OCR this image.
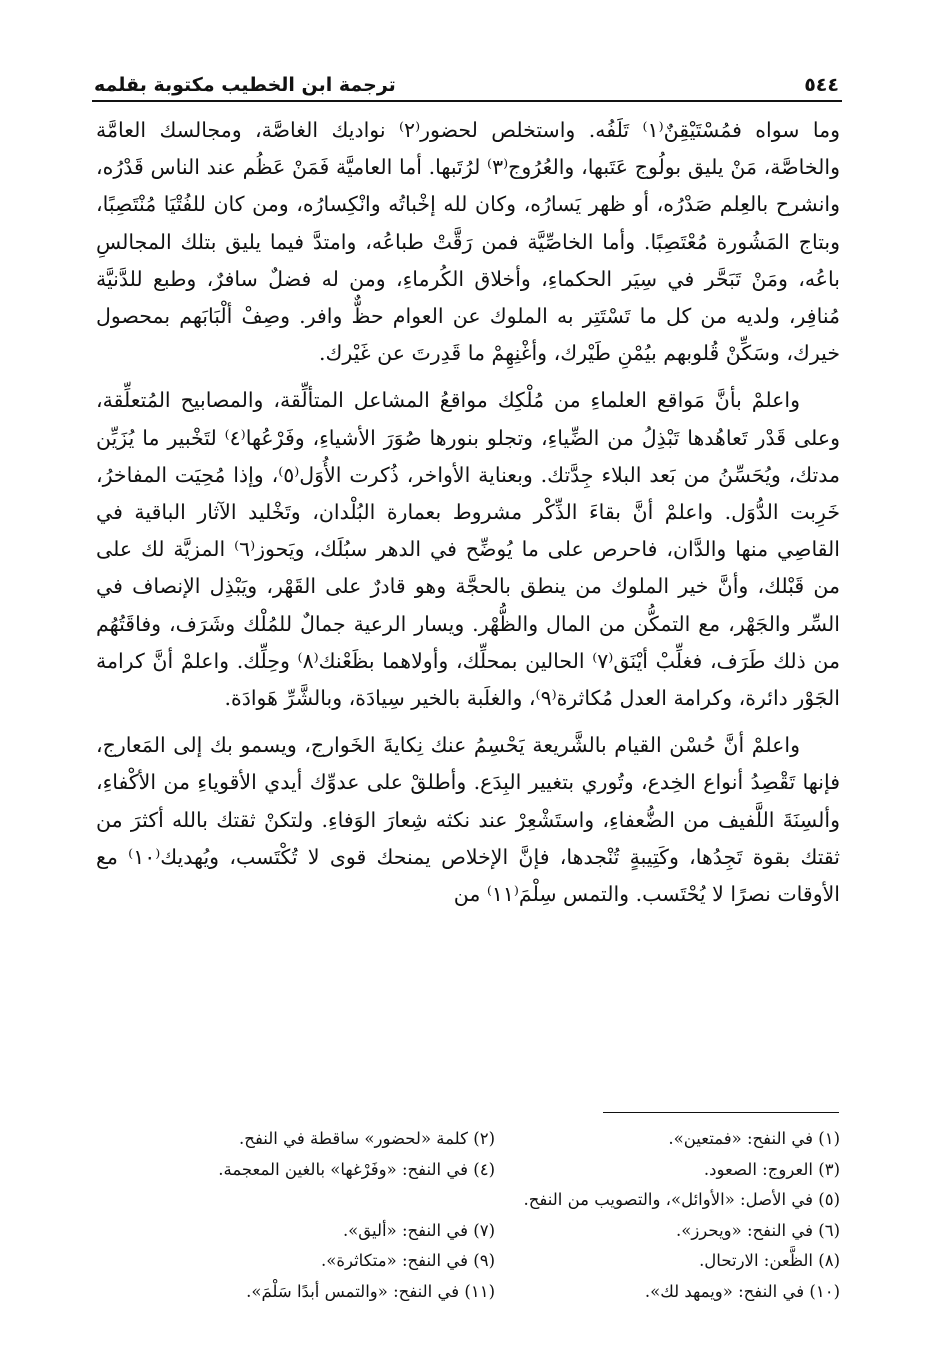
٥٤٤
ترجمة ابن الخطيب مكتوبة بقلمه

وما سواه فمُسْتَيْقِنٌ⁽١⁾ تَلَفُه. واستخلص لحضور⁽٢⁾ نواديك الغاصَّة، ومجالسك العامَّة والخاصَّة، مَنْ يليق بولُوج عَتَبها، والعُرُوج⁽٣⁾ لرُتَبها. أما العاميَّة فَمَنْ عَظُم عند الناس قَدْرُه، وانشرح بالعِلم صَدْرُه، أو ظهر يَسارُه، وكان لله إخْباتُه وانْكِسارُه، ومن كان للفُتْيَا مُنْتَصِبًا، وبتاج المَشُورة مُعْتَصِبًا. وأما الخاصِّيَّة فمن رَقَّتْ طباعُه، وامتدَّ فيما يليق بتلك المجالسِ باعُه، ومَنْ تَبَحَّر في سِيَر الحكماءِ، وأخلاق الكُرماءِ، ومن له فضلٌ سافرٌ، وطبع للدَّنيَّة مُنافِر، ولديه من كل ما تَسْتَتِر به الملوك عن العوام حظٌّ وافر. وصِفْ ألْبَابَهم بمحصول خيرك، وسَكِّنْ قُلوبهم بيُمْنِ طَيْرك، وأغْنِهِمْ ما قَدِرتَ عن غَيْرك.

واعلمْ بأنَّ مَواقع العلماءِ من مُلْكِك مواقعُ المشاعل المتألِّقة، والمصابيح المُتعلِّقة، وعلى قَدْر تَعاهُدها تَبْذِلُ من الضِّياءِ، وتجلو بنورها صُوَرَ الأشياءِ، وفَرْعُها⁽٤⁾ لتَخْبير ما يُزَيِّن مدتك، ويُحَسِّنُ من بَعد البلاء جِدَّتك. وبعناية الأواخر، ذُكرت الأُوَل⁽٥⁾، وإذا مُحِيَت المفاخرُ، خَرِبت الدُّوَل. واعلمْ أنَّ بقاءَ الذِّكْر مشروط بعمارة البُلْدان، وتَخْليد الآثار الباقية في القاصِي منها والدَّان، فاحرص على ما يُوضِّح في الدهر سبُلَك، ويَحوز⁽٦⁾ المزيَّة لك على من قَبْلك، وأنَّ خير الملوك من ينطق بالحجَّة وهو قادرٌ على القَهْر، ويَبْذِل الإنصاف في السِّر والجَهْر، مع التمكُّن من المال والظُّهْر. ويسار الرعية جمالٌ للمُلْك وشَرَف، وفاقَتُهُم من ذلك طَرَف، فغلِّبْ أيْنَق⁽٧⁾ الحالين بمحلِّك، وأولاهما بظَعْنك⁽٨⁾ وحِلِّك. واعلمْ أنَّ كرامة الجَوْر دائرة، وكرامة العدل مُكاثرة⁽٩⁾، والغلَبة بالخير سِيادَة، وبالشَّرِّ هَوادَة.

واعلمْ أنَّ حُسْن القيام بالشَّريعة يَحْسِمُ عنك نِكايةَ الخَوارج، ويسمو بك إلى المَعارج، فإنها تَقْصِدُ أنواع الخِدع، وتُوري بتغيير البِدَع. وأطلقْ على عدوِّك أيدي الأقوياءِ من الأكْفاءِ، وألسِنَةَ اللَّفيف من الضُّعفاءِ، واستَشْعِرْ عند نكثه شِعارَ الوَفاءِ. ولتكنْ ثقتك بالله أكثرَ من ثقتك بقوة تَجِدُها، وكَتِيبةٍ تُنْجدها، فإنَّ الإخلاص يمنحك قوى لا تُكْتَسب، ويُهديك⁽١٠⁾ مع الأوقات نصرًا لا يُحْتَسب. والتمس سِلْمَ⁽١١⁾ من

(١) في النفح: «فمتعين».
(٢) كلمة «لحضور» ساقطة في النفح.
(٣) العروج: الصعود.
(٤) في النفح: «وفَرْغها» بالغين المعجمة.
(٥) في الأصل: «الأوائل»، والتصويب من النفح.
(٦) في النفح: «ويحرز».
(٧) في النفح: «أليق».
(٨) الظَّعن: الارتحال.
(٩) في النفح: «متكاثرة».
(١٠) في النفح: «ويمهد لك».
(١١) في النفح: «والتمس أبدًا سَلْمَ».
